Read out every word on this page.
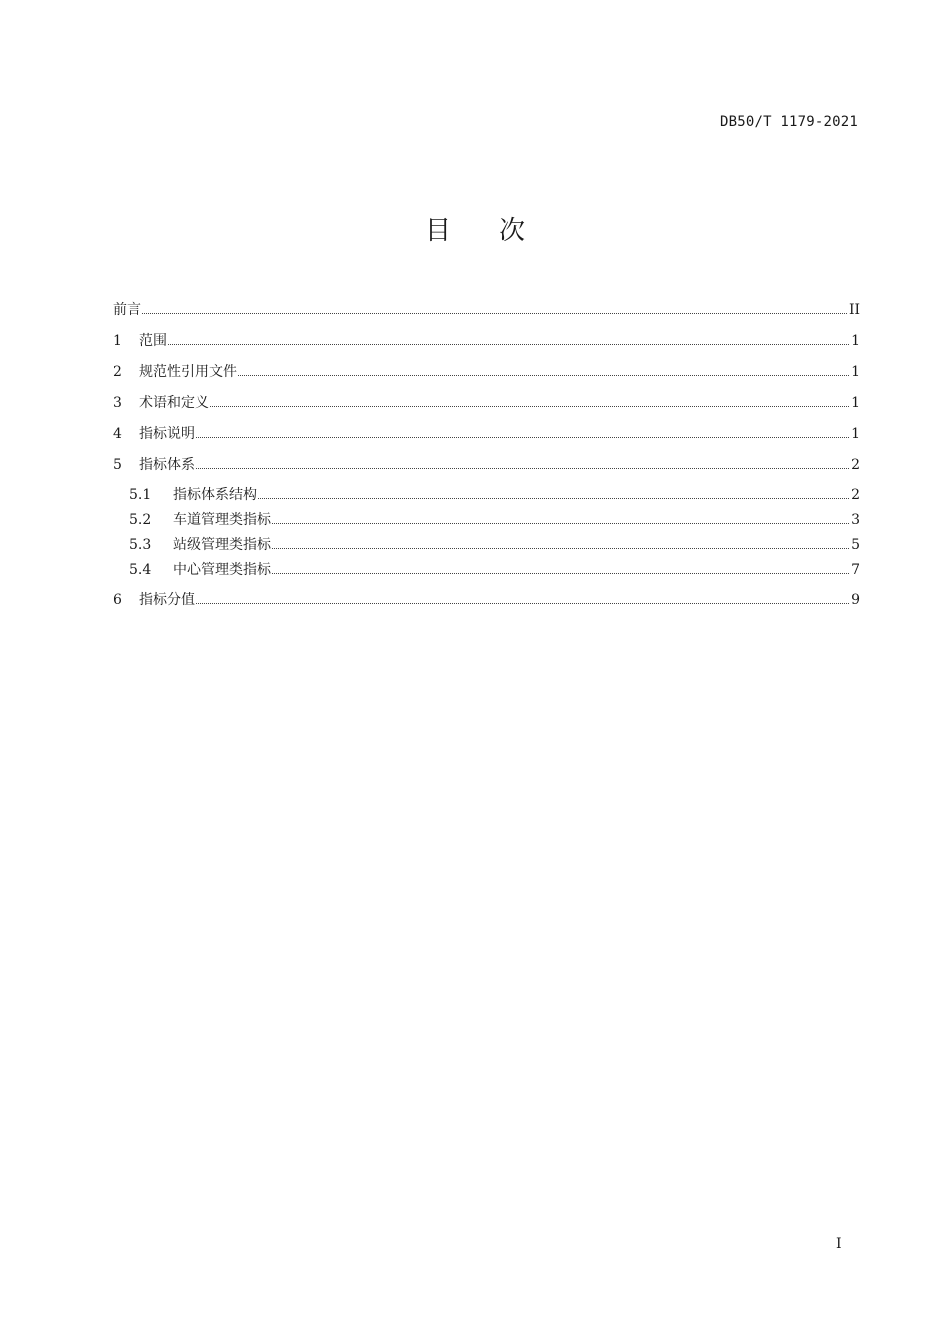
DB50/T 1179-2021
目 次
前言	II
1	范围	1
2	规范性引用文件	1
3	术语和定义	1
4	指标说明	1
5	指标体系	2
5.1	指标体系结构	2
5.2	车道管理类指标	3
5.3	站级管理类指标	5
5.4	中心管理类指标	7
6	指标分值	9
I
